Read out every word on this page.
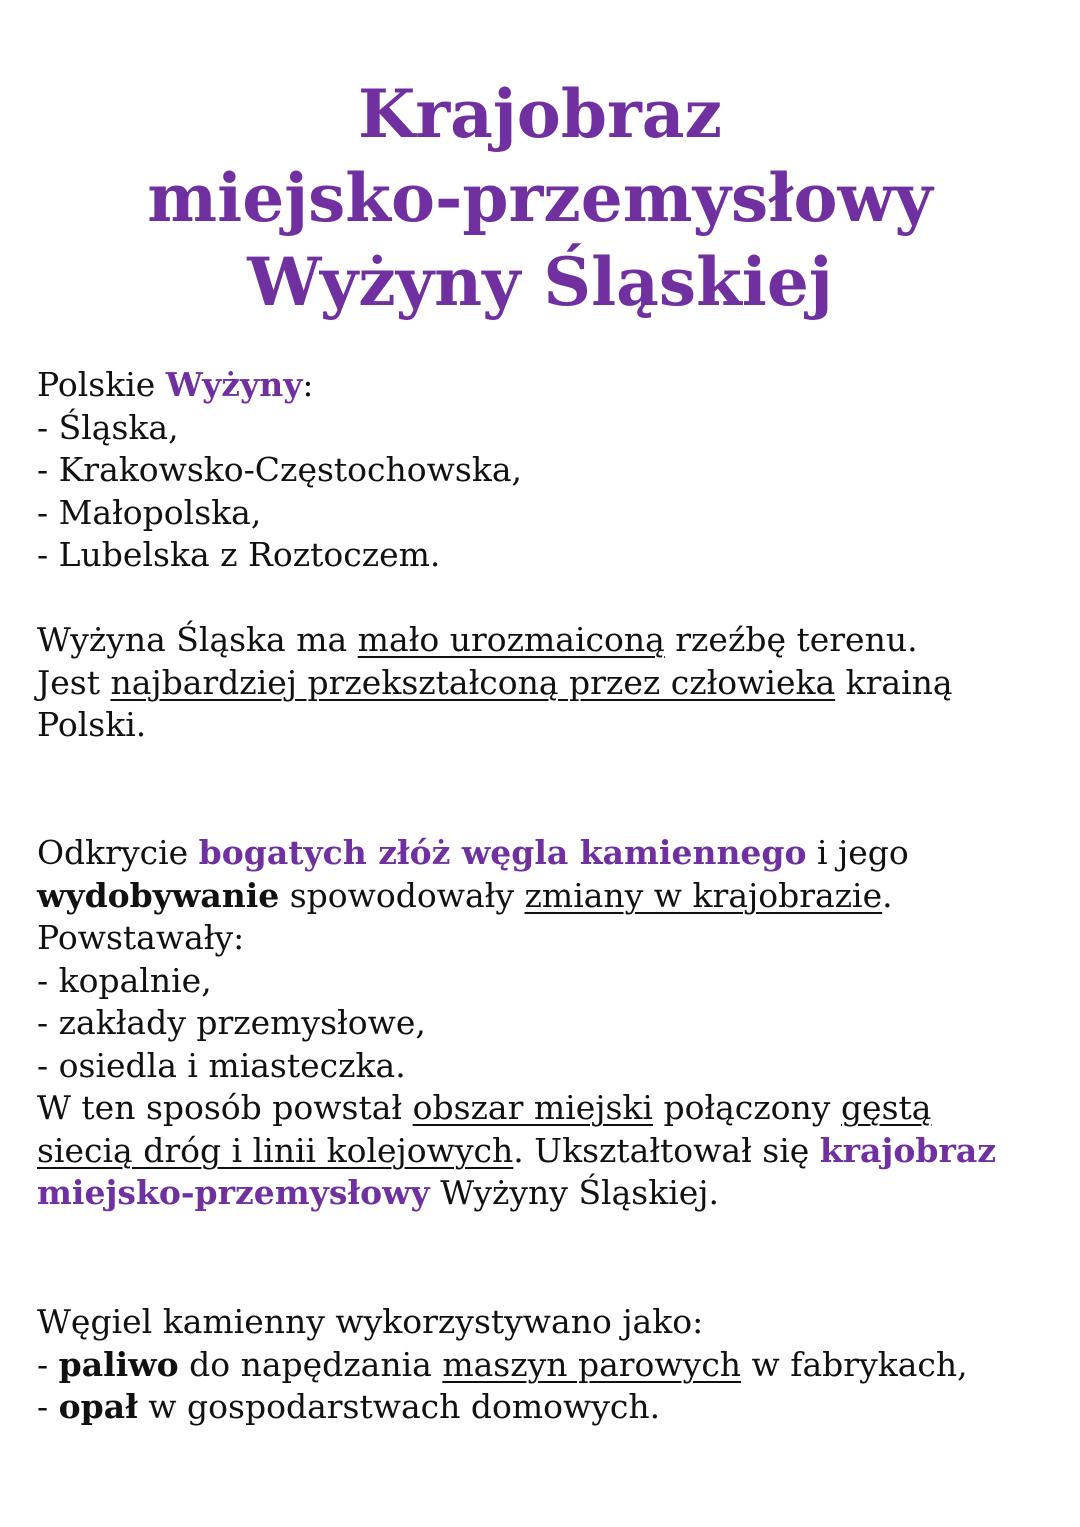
Krajobraz
miejsko-przemysłowy
Wyżyny Śląskiej
Polskie Wyżyny:
- Śląska,
- Krakowsko-Częstochowska,
- Małopolska,
- Lubelska z Roztoczem.
Wyżyna Śląska ma mało urozmaiconą rzeźbę terenu.
Jest najbardziej przekształconą przez człowieka krainą
Polski.
Odkrycie bogatych złóż węgla kamiennego i jego
wydobywanie spowodowały zmiany w krajobrazie.
Powstawały:
- kopalnie,
- zakłady przemysłowe,
- osiedla i miasteczka.
W ten sposób powstał obszar miejski połączony gęstą
siecią dróg i linii kolejowych. Ukształtował się krajobraz
miejsko-przemysłowy Wyżyny Śląskiej.
Węgiel kamienny wykorzystywano jako:
- paliwo do napędzania maszyn parowych w fabrykach,
- opał w gospodarstwach domowych.
